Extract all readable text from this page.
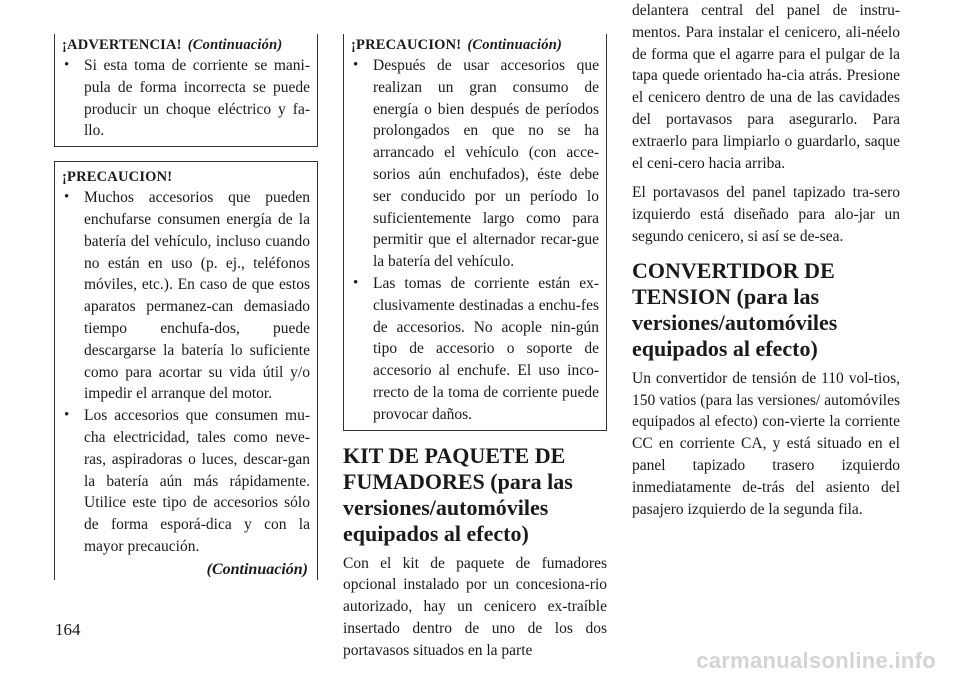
¡ADVERTENCIA! (Continuación)
• Si esta toma de corriente se mani-pula de forma incorrecta se puede producir un choque eléctrico y fa-llo.
¡PRECAUCION!
• Muchos accesorios que pueden enchufarse consumen energía de la batería del vehículo, incluso cuando no están en uso (p. ej., teléfonos móviles, etc.). En caso de que estos aparatos permanez-can demasiado tiempo enchufa-dos, puede descargarse la batería lo suficiente como para acortar su vida útil y/o impedir el arranque del motor.
• Los accesorios que consumen mu-cha electricidad, tales como neve-ras, aspiradoras o luces, descar-gan la batería aún más rápidamente. Utilice este tipo de accesorios sólo de forma esporá-dica y con la mayor precaución.
(Continuación)
¡PRECAUCION! (Continuación)
• Después de usar accesorios que realizan un gran consumo de energía o bien después de períodos prolongados en que no se ha arrancado el vehículo (con acce-sorios aún enchufados), éste debe ser conducido por un período lo suficientemente largo como para permitir que el alternador recar-gue la batería del vehículo.
• Las tomas de corriente están ex-clusivamente destinadas a enchu-fes de accesorios. No acople nin-gún tipo de accesorio o soporte de accesorio al enchufe. El uso inco-rrecto de la toma de corriente puede provocar daños.
KIT DE PAQUETE DE FUMADORES (para las versiones/automóviles equipados al efecto)

Con el kit de paquete de fumadores opcional instalado por un concesiona-rio autorizado, hay un cenicero ex-traíble insertado dentro de uno de los dos portavasos situados en la parte

delantera central del panel de instru-mentos. Para instalar el cenicero, ali-néelo de forma que el agarre para el pulgar de la tapa quede orientado ha-cia atrás. Presione el cenicero dentro de una de las cavidades del portavasos para asegurarlo. Para extraerlo para limpiarlo o guardarlo, saque el ceni-cero hacia arriba.

El portavasos del panel tapizado tra-sero izquierdo está diseñado para alo-jar un segundo cenicero, si así se de-sea.

CONVERTIDOR DE TENSION (para las versiones/automóviles equipados al efecto)

Un convertidor de tensión de 110 vol-tios, 150 vatios (para las versiones/ automóviles equipados al efecto) con-vierte la corriente CC en corriente CA, y está situado en el panel tapizado trasero izquierdo inmediatamente de-trás del asiento del pasajero izquierdo de la segunda fila.

164
carmanualsonline.info
